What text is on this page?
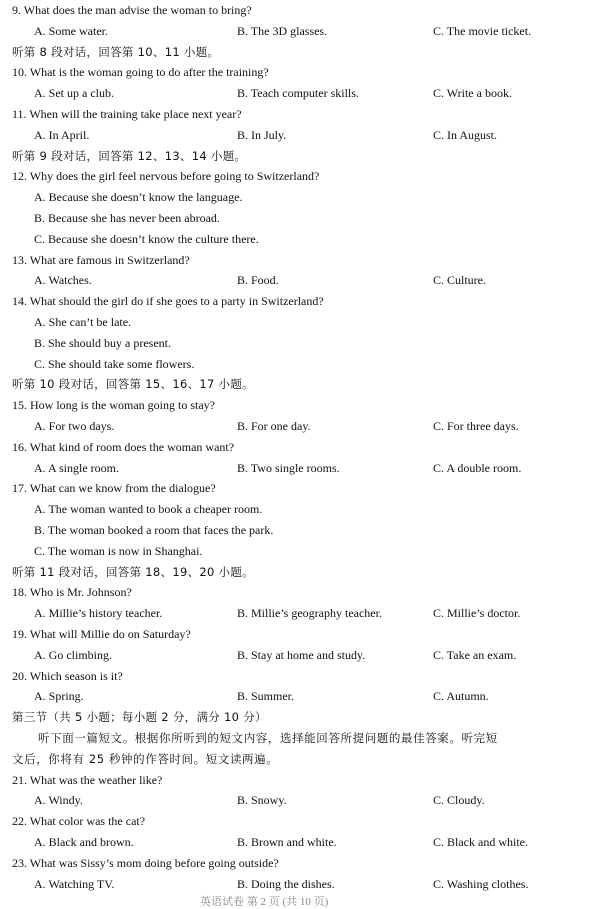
9. What does the man advise the woman to bring?
A. Some water.	B. The 3D glasses.	C. The movie ticket.
听第 8 段对话，回答第 10、11 小题。
10. What is the woman going to do after the training?
A. Set up a club.	B. Teach computer skills.	C. Write a book.
11. When will the training take place next year?
A. In April.	B. In July.	C. In August.
听第 9 段对话，回答第 12、13、14 小题。
12. Why does the girl feel nervous before going to Switzerland?
A. Because she doesn’t know the language.
B. Because she has never been abroad.
C. Because she doesn’t know the culture there.
13. What are famous in Switzerland?
A. Watches.	B. Food.	C. Culture.
14. What should the girl do if she goes to a party in Switzerland?
A. She can’t be late.
B. She should buy a present.
C. She should take some flowers.
听第 10 段对话，回答第 15、16、17 小题。
15. How long is the woman going to stay?
A. For two days.	B. For one day.	C. For three days.
16. What kind of room does the woman want?
A. A single room.	B. Two single rooms.	C. A double room.
17. What can we know from the dialogue?
A. The woman wanted to book a cheaper room.
B. The woman booked a room that faces the park.
C. The woman is now in Shanghai.
听第 11 段对话，回答第 18、19、20 小题。
18. Who is Mr. Johnson?
A. Millie’s history teacher.	B. Millie’s geography teacher.	C. Millie’s doctor.
19. What will Millie do on Saturday?
A. Go climbing.	B. Stay at home and study.	C. Take an exam.
20. Which season is it?
A. Spring.	B. Summer.	C. Autumn.
第三节（共 5 小题；每小题 2 分，满分 10 分）
听下面一篇短文。根据你所听到的短文内容，选择能回答所提问题的最佳答案。听完短
文后，你将有 25 秒钟的作答时间。短文读两遍。
21. What was the weather like?
A. Windy.	B. Snowy.	C. Cloudy.
22. What color was the cat?
A. Black and brown.	B. Brown and white.	C. Black and white.
23. What was Sissy’s mom doing before going outside?
A. Watching TV.	B. Doing the dishes.	C. Washing clothes.
英语试卷 第 2 页 (共 10 页)
